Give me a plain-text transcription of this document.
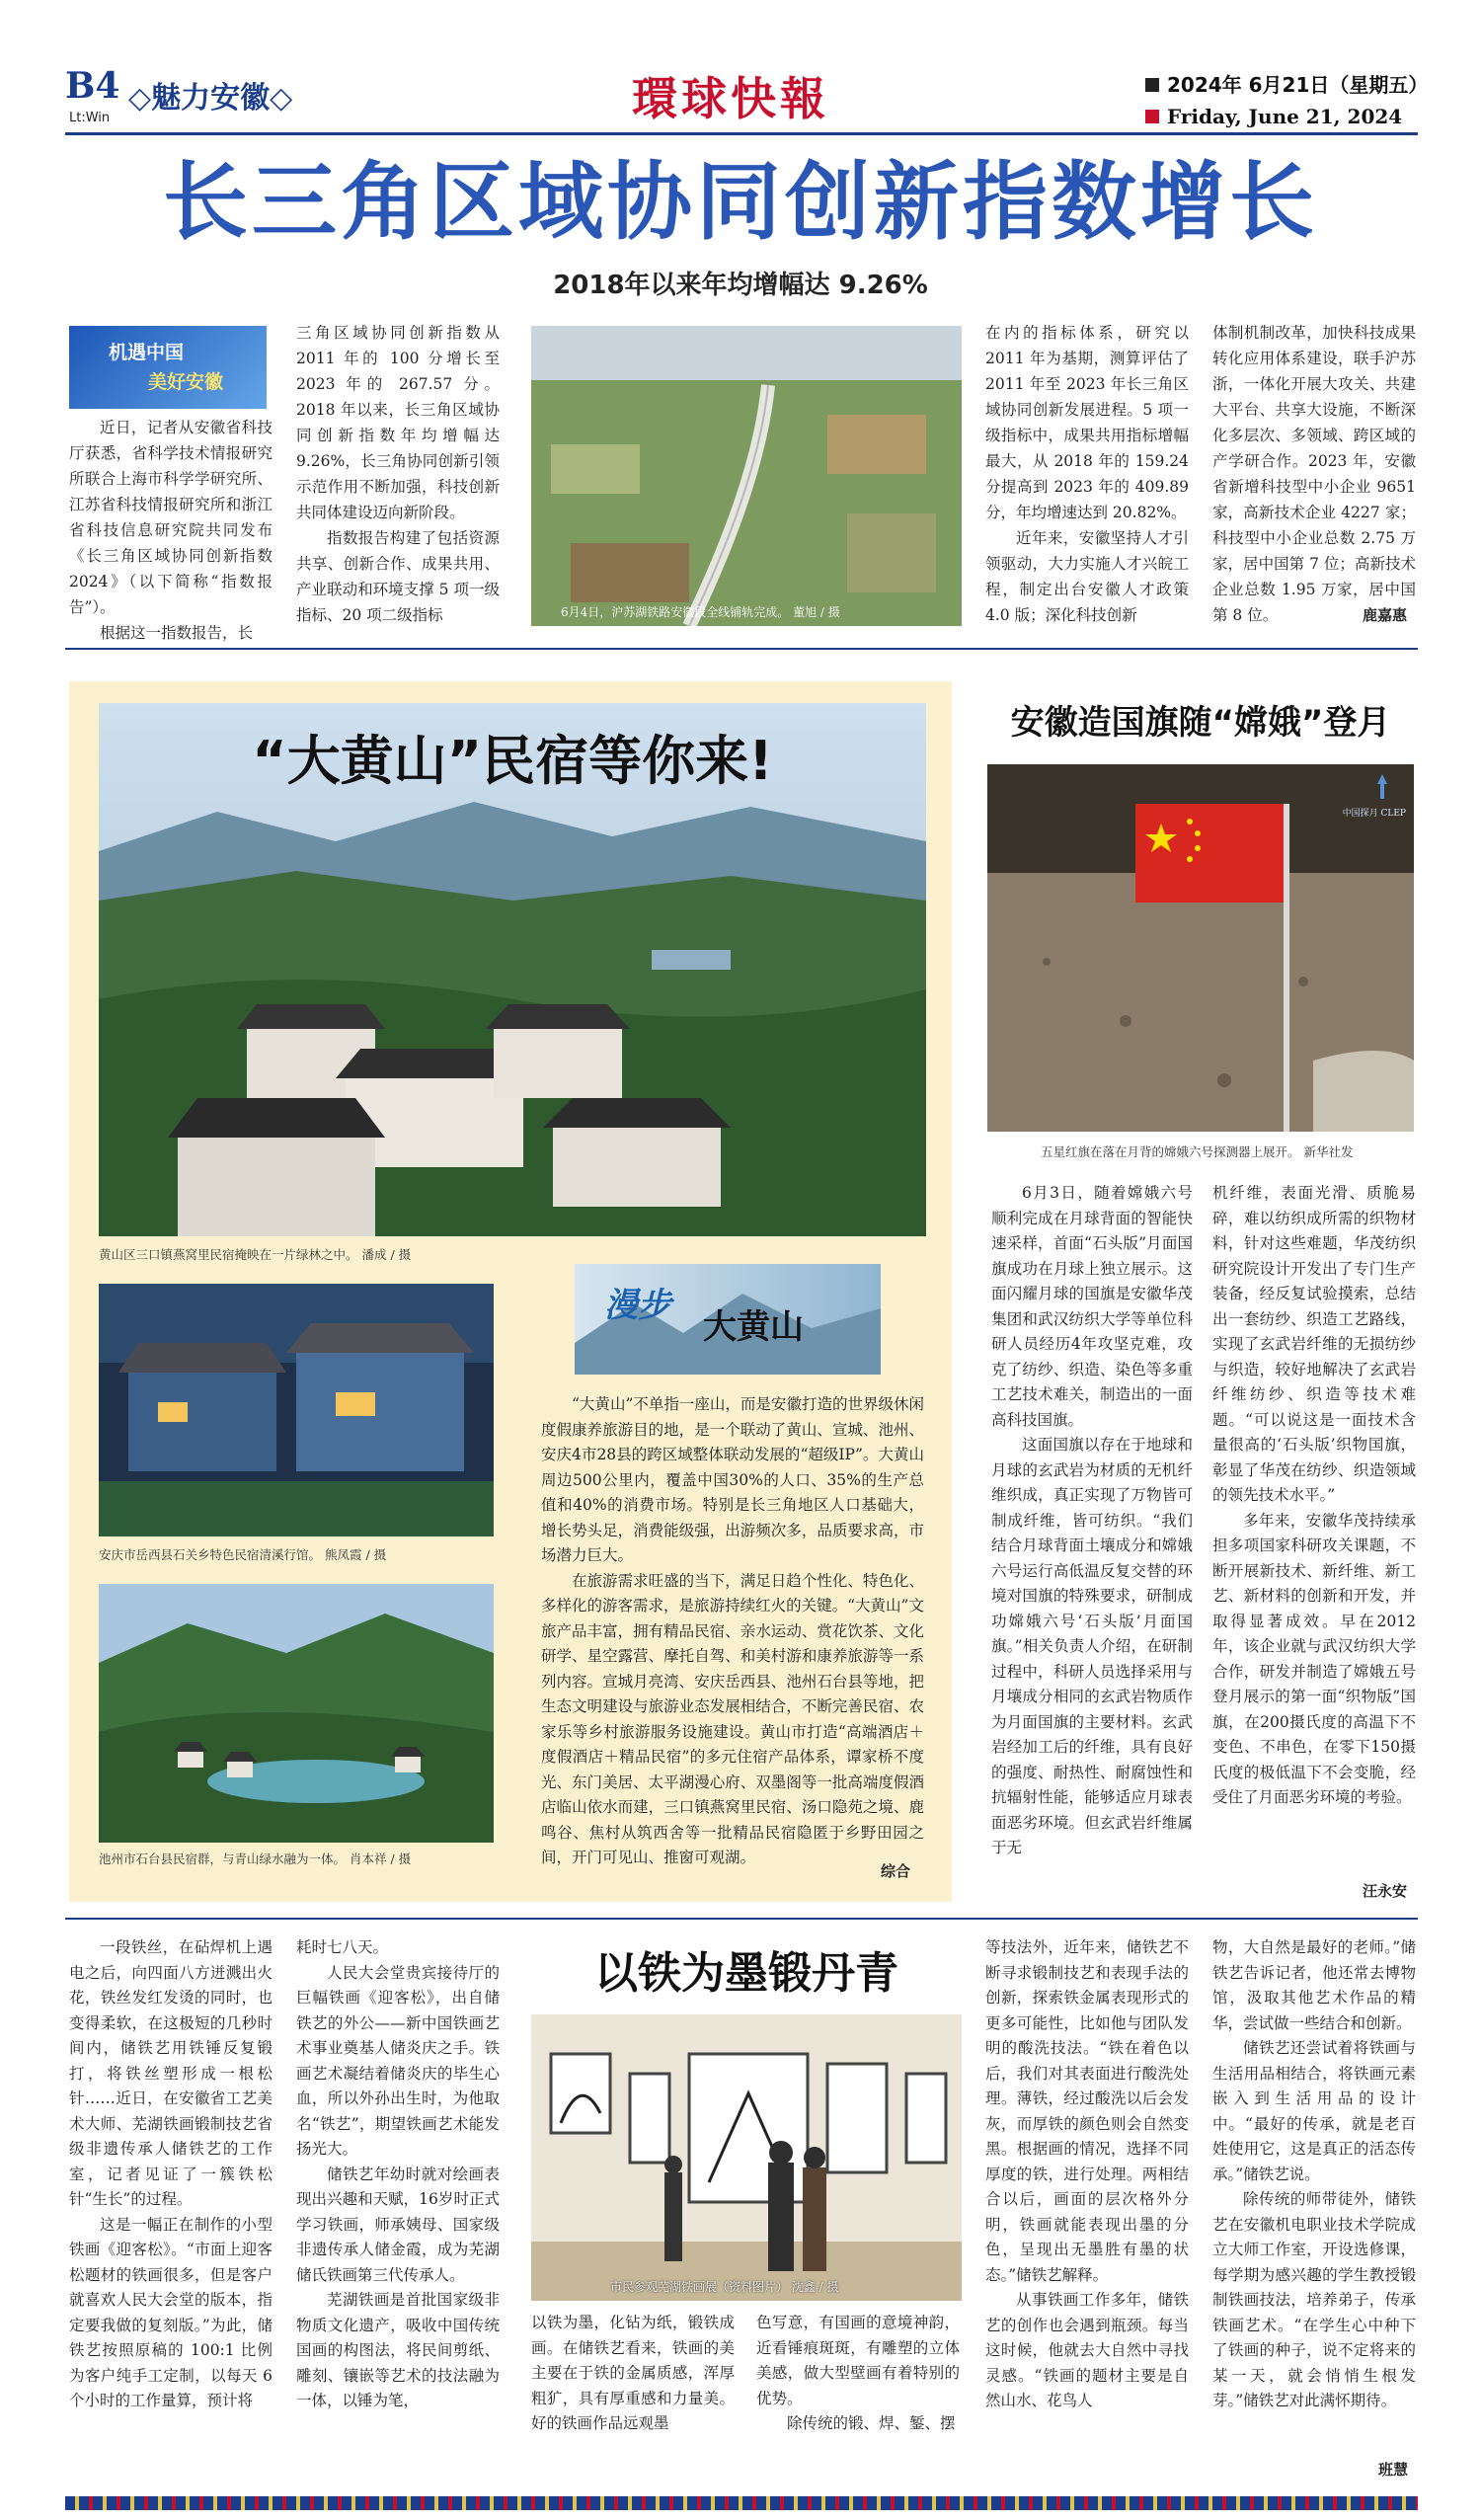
B4
Lt:Win
◇魅力安徽◇	環球快報	2024年 6月21日（星期五）
Friday, June 21, 2024
长三角区域协同创新指数增长
2018年以来年均增幅达 9.26%
机遇中国
美好安徽

近日，记者从安徽省科技厅获悉，省科学技术情报研究所联合上海市科学学研究所、江苏省科技情报研究所和浙江省科技信息研究院共同发布《长三角区域协同创新指数 2024》（以下简称“指数报告”）。

根据这一指数报告，长

三角区域协同创新指数从 2011 年的 100 分增长至 2023 年的 267.57 分。2018 年以来，长三角区域协同创新指数年均增幅达 9.26%，长三角协同创新引领示范作用不断加强，科技创新共同体建设迈向新阶段。

指数报告构建了包括资源共享、创新合作、成果共用、产业联动和环境支撑 5 项一级指标、20 项二级指标	6月4日，沪苏湖铁路安徽段全线铺轨完成。 董旭 / 摄

在内的指标体系，研究以 2011 年为基期，测算评估了 2011 年至 2023 年长三角区域协同创新发展进程。5 项一级指标中，成果共用指标增幅最大，从 2018 年的 159.24 分提高到 2023 年的 409.89 分，年均增速达到 20.82%。

近年来，安徽坚持人才引领驱动，大力实施人才兴皖工程，制定出台安徽人才政策 4.0 版；深化科技创新

体制机制改革，加快科技成果转化应用体系建设，联手沪苏浙，一体化开展大攻关、共建大平台、共享大设施，不断深化多层次、多领域、跨区域的产学研合作。2023 年，安徽省新增科技型中小企业 9651 家，高新技术企业 4227 家；科技型中小企业总数 2.75 万家，居中国第 7 位；高新技术企业总数 1.95 万家，居中国第 8 位。	鹿嘉惠
“大黄山”民宿等你来!
黄山区三口镇燕窝里民宿掩映在一片绿林之中。 潘成 / 摄
安庆市岳西县石关乡特色民宿清溪行馆。 熊凤霞 / 摄
池州市石台县民宿群，与青山绿水融为一体。 肖本祥 / 摄
漫步
大黄山

“大黄山”不单指一座山，而是安徽打造的世界级休闲度假康养旅游目的地，是一个联动了黄山、宣城、池州、安庆4市28县的跨区域整体联动发展的“超级IP”。大黄山周边500公里内，覆盖中国30%的人口、35%的生产总值和40%的消费市场。特别是长三角地区人口基础大，增长势头足，消费能级强，出游频次多，品质要求高，市场潜力巨大。

在旅游需求旺盛的当下，满足日趋个性化、特色化、多样化的游客需求，是旅游持续红火的关键。“大黄山”文旅产品丰富，拥有精品民宿、亲水运动、赏花饮茶、文化研学、星空露营、摩托自驾、和美村游和康养旅游等一系列内容。宣城月亮湾、安庆岳西县、池州石台县等地，把生态文明建设与旅游业态发展相结合，不断完善民宿、农家乐等乡村旅游服务设施建设。黄山市打造“高端酒店＋度假酒店＋精品民宿”的多元住宿产品体系，谭家桥不度光、东门美居、太平湖漫心府、双墨阁等一批高端度假酒店临山依水而建，三口镇燕窝里民宿、汤口隐苑之境、鹿鸣谷、焦村从筑西舍等一批精品民宿隐匿于乡野田园之间，开门可见山、推窗可观湖。

综合
安徽造国旗随“嫦娥”登月
中国探月 CLEP
五星红旗在落在月背的嫦娥六号探测器上展开。 新华社发

6月3日，随着嫦娥六号顺利完成在月球背面的智能快速采样，首面“石头版”月面国旗成功在月球上独立展示。这面闪耀月球的国旗是安徽华茂集团和武汉纺织大学等单位科研人员经历4年攻坚克难，攻克了纺纱、织造、染色等多重工艺技术难关，制造出的一面高科技国旗。

这面国旗以存在于地球和月球的玄武岩为材质的无机纤维织成，真正实现了万物皆可制成纤维，皆可纺织。“我们结合月球背面土壤成分和嫦娥六号运行高低温反复交替的环境对国旗的特殊要求，研制成功嫦娥六号‘石头版’月面国旗。”相关负责人介绍，在研制过程中，科研人员选择采用与月壤成分相同的玄武岩物质作为月面国旗的主要材料。玄武岩经加工后的纤维，具有良好的强度、耐热性、耐腐蚀性和抗辐射性能，能够适应月球表面恶劣环境。但玄武岩纤维属于无

机纤维，表面光滑、质脆易碎，难以纺织成所需的织物材料，针对这些难题，华茂纺织研究院设计开发出了专门生产装备，经反复试验摸索，总结出一套纺纱、织造工艺路线，实现了玄武岩纤维的无损纺纱与织造，较好地解决了玄武岩纤维纺纱、织造等技术难题。“可以说这是一面技术含量很高的‘石头版’织物国旗，彰显了华茂在纺纱、织造领域的领先技术水平。”

多年来，安徽华茂持续承担多项国家科研攻关课题，不断开展新技术、新纤维、新工艺、新材料的创新和开发，并取得显著成效。早在2012年，该企业就与武汉纺织大学合作，研发并制造了嫦娥五号登月展示的第一面“织物版”国旗，在200摄氏度的高温下不变色、不串色，在零下150摄氏度的极低温下不会变脆，经受住了月面恶劣环境的考验。

汪永安
以铁为墨锻丹青

一段铁丝，在砧焊机上遇电之后，向四面八方迸溅出火花，铁丝发红发烫的同时，也变得柔软，在这极短的几秒时间内，储铁艺用铁锤反复锻打，将铁丝塑形成一根松针……近日，在安徽省工艺美术大师、芜湖铁画锻制技艺省级非遗传承人储铁艺的工作室，记者见证了一簇铁松针“生长”的过程。

这是一幅正在制作的小型铁画《迎客松》。“市面上迎客松题材的铁画很多，但是客户就喜欢人民大会堂的版本，指定要我做的复刻版。”为此，储铁艺按照原稿的 100:1 比例为客户纯手工定制，以每天 6 个小时的工作量算，预计将

耗时七八天。

人民大会堂贵宾接待厅的巨幅铁画《迎客松》，出自储铁艺的外公——新中国铁画艺术事业奠基人储炎庆之手。铁画艺术凝结着储炎庆的毕生心血，所以外孙出生时，为他取名“铁艺”，期望铁画艺术能发扬光大。

储铁艺年幼时就对绘画表现出兴趣和天赋，16岁时正式学习铁画，师承姨母、国家级非遗传承人储金霞，成为芜湖储氏铁画第三代传承人。

芜湖铁画是首批国家级非物质文化遗产，吸收中国传统国画的构图法，将民间剪纸、雕刻、镶嵌等艺术的技法融为一体，以锤为笔，

市民参观芜湖铁画展（资料图片） 沈鑫 / 摄

以铁为墨，化钻为纸，锻铁成画。在储铁艺看来，铁画的美主要在于铁的金属质感，浑厚粗犷，具有厚重感和力量美。好的铁画作品远观墨

色写意，有国画的意境神韵，近看锤痕斑斑，有雕塑的立体美感，做大型壁画有着特别的优势。

除传统的锻、焊、錾、摆

等技法外，近年来，储铁艺不断寻求锻制技艺和表现手法的创新，探索铁金属表现形式的更多可能性，比如他与团队发明的酸洗技法。“铁在着色以后，我们对其表面进行酸洗处理。薄铁，经过酸洗以后会发灰，而厚铁的颜色则会自然变黑。根据画的情况，选择不同厚度的铁，进行处理。两相结合以后，画面的层次格外分明，铁画就能表现出墨的分色，呈现出无墨胜有墨的状态。”储铁艺解释。

从事铁画工作多年，储铁艺的创作也会遇到瓶颈。每当这时候，他就去大自然中寻找灵感。“铁画的题材主要是自然山水、花鸟人

物，大自然是最好的老师。”储铁艺告诉记者，他还常去博物馆，汲取其他艺术作品的精华，尝试做一些结合和创新。

储铁艺还尝试着将铁画与生活用品相结合，将铁画元素嵌入到生活用品的设计中。“最好的传承，就是老百姓使用它，这是真正的活态传承。”储铁艺说。

除传统的师带徒外，储铁艺在安徽机电职业技术学院成立大师工作室，开设选修课，每学期为感兴趣的学生教授锻制铁画技法，培养弟子，传承铁画艺术。“在学生心中种下了铁画的种子，说不定将来的某一天，就会悄悄生根发芽。”储铁艺对此满怀期待。

班慧
